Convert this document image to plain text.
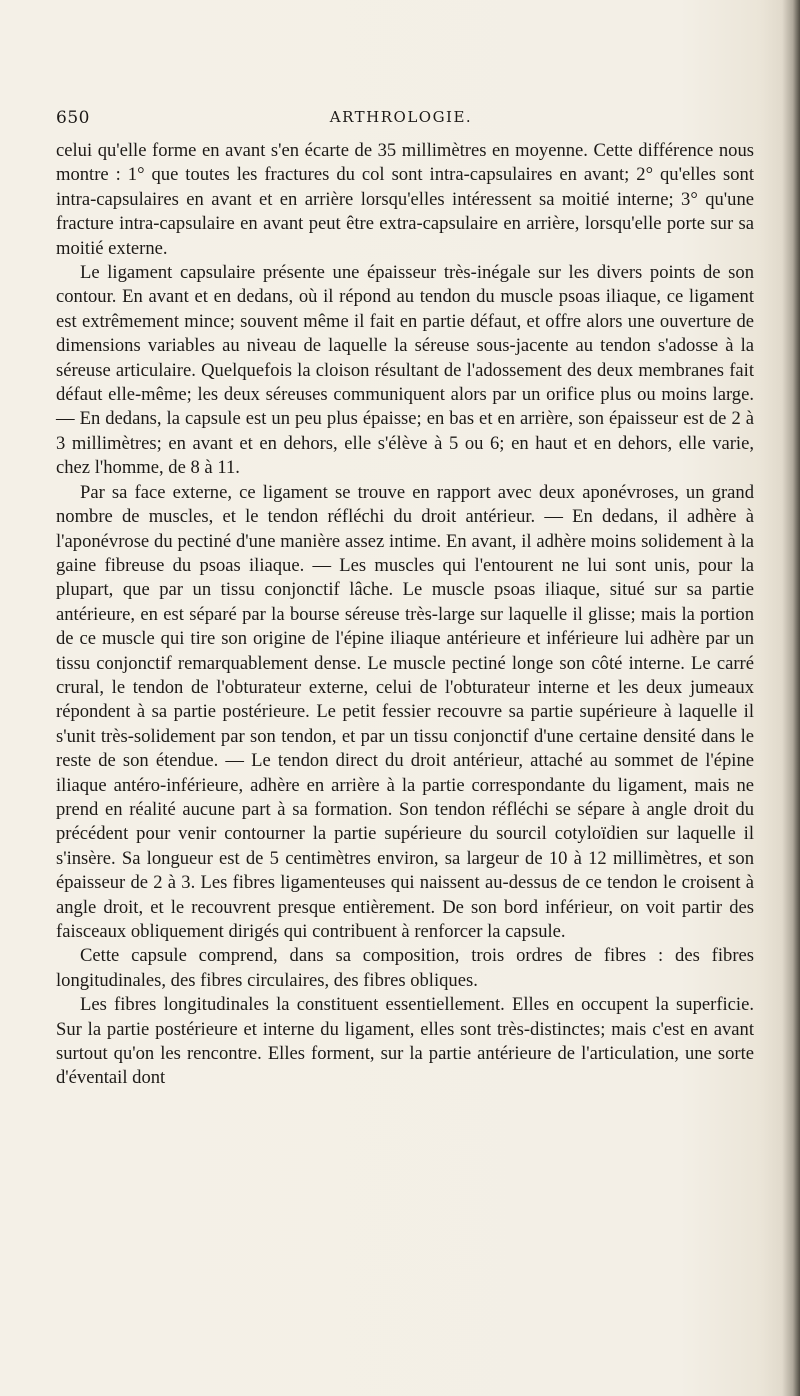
650	ARTHROLOGIE.

celui qu'elle forme en avant s'en écarte de 35 millimètres en moyenne. Cette différence nous montre : 1° que toutes les fractures du col sont intra-capsulaires en avant; 2° qu'elles sont intra-capsulaires en avant et en arrière lorsqu'elles intéressent sa moitié interne; 3° qu'une fracture intra-capsulaire en avant peut être extra-capsulaire en arrière, lorsqu'elle porte sur sa moitié externe.

Le ligament capsulaire présente une épaisseur très-inégale sur les divers points de son contour. En avant et en dedans, où il répond au tendon du muscle psoas iliaque, ce ligament est extrêmement mince; souvent même il fait en partie défaut, et offre alors une ouverture de dimensions variables au niveau de laquelle la séreuse sous-jacente au tendon s'adosse à la séreuse articulaire. Quelquefois la cloison résultant de l'adossement des deux membranes fait défaut elle-même; les deux séreuses communiquent alors par un orifice plus ou moins large.— En dedans, la capsule est un peu plus épaisse; en bas et en arrière, son épaisseur est de 2 à 3 millimètres; en avant et en dehors, elle s'élève à 5 ou 6; en haut et en dehors, elle varie, chez l'homme, de 8 à 11.

Par sa face externe, ce ligament se trouve en rapport avec deux aponévroses, un grand nombre de muscles, et le tendon réfléchi du droit antérieur. — En dedans, il adhère à l'aponévrose du pectiné d'une manière assez intime. En avant, il adhère moins solidement à la gaine fibreuse du psoas iliaque. — Les muscles qui l'entourent ne lui sont unis, pour la plupart, que par un tissu conjonctif lâche. Le muscle psoas iliaque, situé sur sa partie antérieure, en est séparé par la bourse séreuse très-large sur laquelle il glisse; mais la portion de ce muscle qui tire son origine de l'épine iliaque antérieure et inférieure lui adhère par un tissu conjonctif remarquablement dense. Le muscle pectiné longe son côté interne. Le carré crural, le tendon de l'obturateur externe, celui de l'obturateur interne et les deux jumeaux répondent à sa partie postérieure. Le petit fessier recouvre sa partie supérieure à laquelle il s'unit très-solidement par son tendon, et par un tissu conjonctif d'une certaine densité dans le reste de son étendue. — Le tendon direct du droit antérieur, attaché au sommet de l'épine iliaque antéro-inférieure, adhère en arrière à la partie correspondante du ligament, mais ne prend en réalité aucune part à sa formation. Son tendon réfléchi se sépare à angle droit du précédent pour venir contourner la partie supérieure du sourcil cotyloïdien sur laquelle il s'insère. Sa longueur est de 5 centimètres environ, sa largeur de 10 à 12 millimètres, et son épaisseur de 2 à 3. Les fibres ligamenteuses qui naissent au-dessus de ce tendon le croisent à angle droit, et le recouvrent presque entièrement. De son bord inférieur, on voit partir des faisceaux obliquement dirigés qui contribuent à renforcer la capsule.

Cette capsule comprend, dans sa composition, trois ordres de fibres : des fibres longitudinales, des fibres circulaires, des fibres obliques.

Les fibres longitudinales la constituent essentiellement. Elles en occupent la superficie. Sur la partie postérieure et interne du ligament, elles sont très-distinctes; mais c'est en avant surtout qu'on les rencontre. Elles forment, sur la partie antérieure de l'articulation, une sorte d'éventail dont
